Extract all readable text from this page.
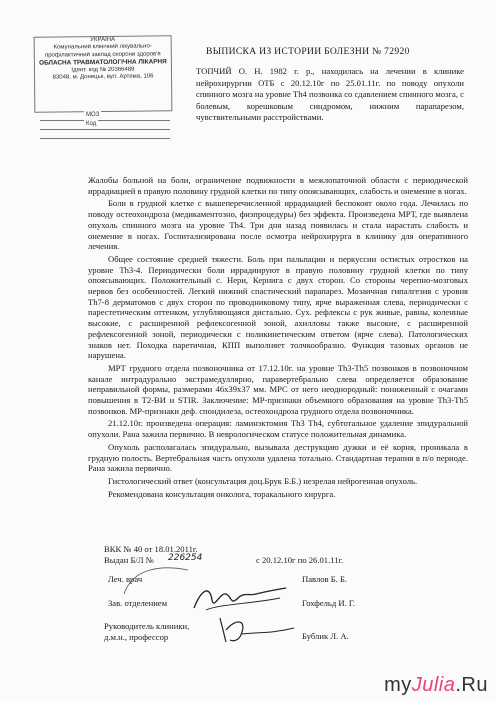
УКРАЇНА
Комунальний клінічний лікувально-
профілактичний заклад охорони здоров'я
ОБЛАСНА ТРАВМАТОЛОГІЧНА ЛІКАРНЯ
Ідент. код № 20366489
83048, м. Донецьк, вул. Артема, 106
МОЗ
Код
ВЫПИСКА ИЗ ИСТОРИИ БОЛЕЗНИ № 72920
ТОПЧИЙ О. Н. 1982 г. р., находилась на лечении в клинике нейрохирургии ОТБ с 20.12.10г по 25.01.11г. по поводу опухоли спинного мозга на уровне Th4 позвонка со сдавлением спинного мозга, с болевым, корешковым синдромом, нижним парапарезом, чувствительными расстройствами.

Жалобы больной на боли, ограничение подвижности в межлопаточной области с периодической иррадиацией в правую половину грудной клетки по типу опоясывающих, слабость и онемение в ногах.

Боли в грудной клетке с вышеперечисленной иррадиацией беспокоят около года. Лечилась по поводу остеохондроза (медикаментозно, физпроцедуры) без эффекта. Произведена МРТ, где выявлена опухоль спинного мозга на уровне Th4. Три дня назад появилась и стала нарастать слабость и онемение в ногах. Госпитализирована после осмотра нейрохирурга в клинику для оперативного лечения.

Общее состояние средней тяжести. Боль при пальпации и перкуссии остистых отростков на уровне Th3-4. Периодически боли иррадиируют в правую половину грудной клетки по типу опоясывающих. Положительный с. Нери, Кернига с двух сторон. Со стороны черепно-мозговых нервов без особенностей. Легкий нижний спастический парапарез. Мозаичная гипалгезия с уровня Th7-8 дерматомов с двух сторон по проводниковому типу, ярче выраженная слева, периодически с парестетическим оттенком, углубляющаяся дистально. Сух. рефлексы с рук живые, равны, коленные высокие, с расширенной рефлексогенной зоной, ахилловы также высокие, с расширенной рефлексогенной зоной, периодически с поликинетическим ответом (ярче слева). Патологических знаков нет. Походка паретичная, КПП выполняет толчкообразно. Функция тазовых органов не нарушена.

МРТ грудного отдела позвоночника от 17.12.10г. на уровне Th3-Th5 позвонков в позвоночном канале интрадурально экстрамедуллярно, паравертебрально слева определяется образование неправильной формы, размерами 46х39х37 мм. МРС от него неоднородный: пониженный с очагами повышения в Т2-ВИ и STIR. Заключение: МР-признаки объемного образования на уровне Th3-Th5 позвонков. МР-признаки деф. спондилеза, остеохондроза грудного отдела позвоночника.

21.12.10г. произведена операция: ламинэктомия Th3 Th4, субтотальное удаление эпидуральной опухоли. Рана зажила первично. В неврологическом статусе положительная динамика.

Опухоль располагалась эпидурально, вызывала деструкцию дужки и её корня, проникала в грудную полость. Вертебральная часть опухоли удалена тотально. Стандартная терапия в п/о периоде. Рана зажила первично.

Гистологический ответ (консультация доц.Брук Б.Б.) незрелая нейрогенная опухоль.

Рекомендована консультация онколога, торакального хирурга.

ВКК № 40 от 18.01.2011г.
Выдан Б/Л № 226254	с 20.12.10г по 26.01.11г.
Леч. врач	Павлов Б. Б.
Зав. отделением	Гохфельд И. Г.
Руководитель клиники,
д.м.н., профессор	Бублик Л. А.
myJulia.Ru
